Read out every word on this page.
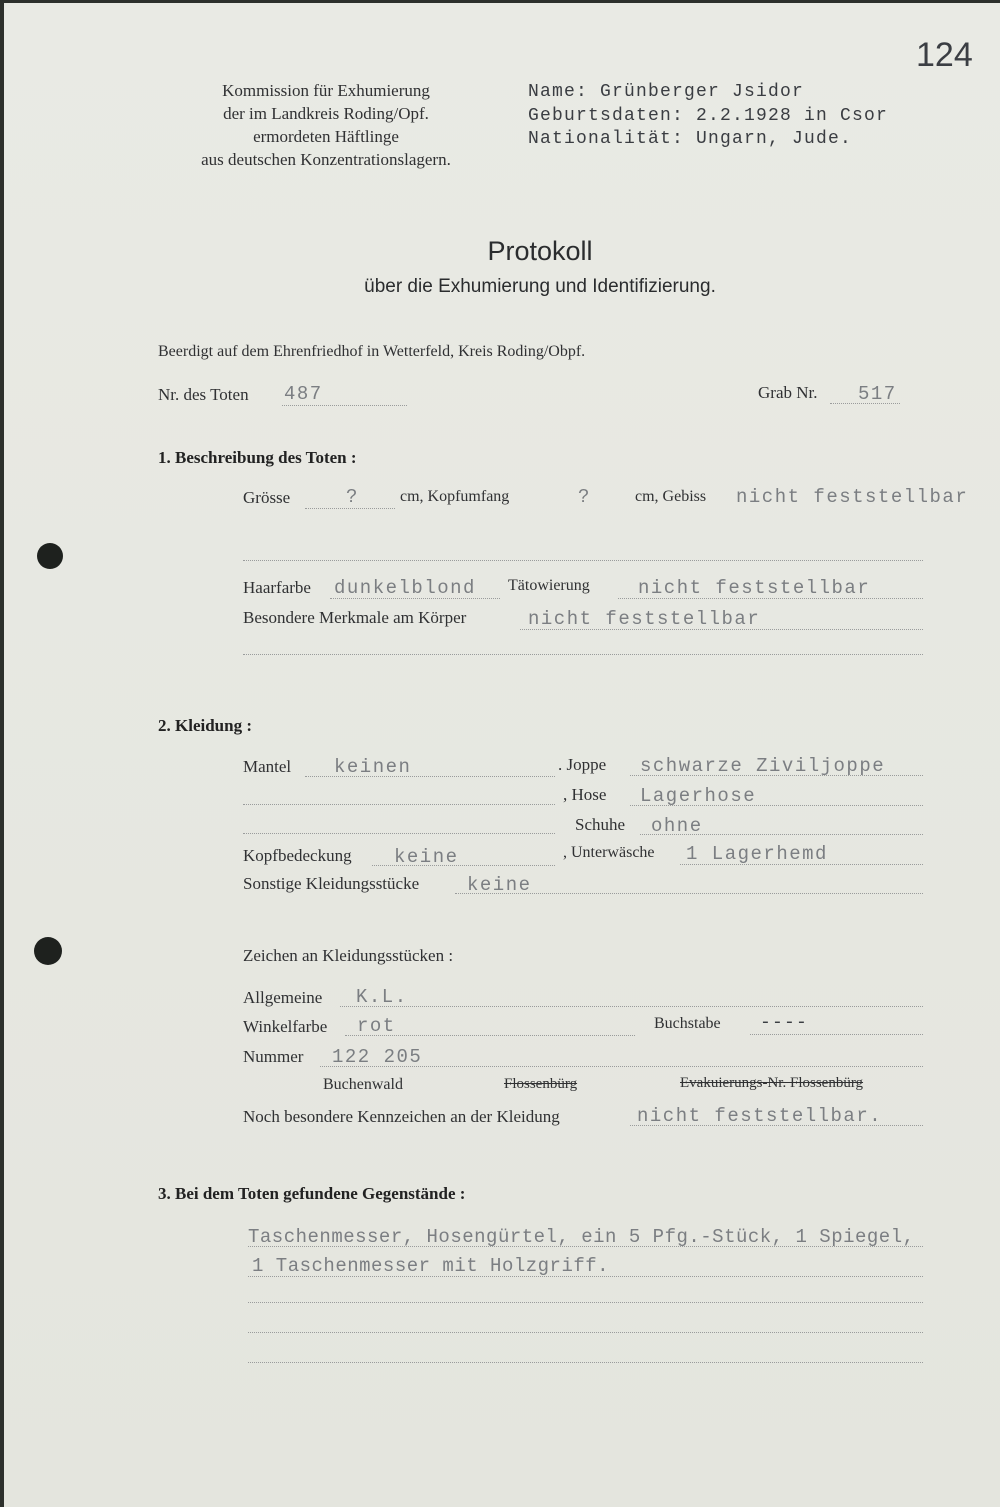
124
Kommission für Exhumierung
der im Landkreis Roding/Opf.
ermordeten Häftlinge
aus deutschen Konzentrationslagern.
Name: Grünberger Jsidor
Geburtsdaten: 2.2.1928 in Csor
Nationalität: Ungarn, Jude.
Protokoll
über die Exhumierung und Identifizierung.
Beerdigt auf dem Ehrenfriedhof in Wetterfeld, Kreis Roding/Obpf.
Nr. des Toten 487	Grab Nr. 517
1. Beschreibung des Toten :
Grösse	?	cm, Kopfumfang	?	cm, Gebiss nicht feststellbar
Haarfarbe dunkelblond Tätowierung	nicht feststellbar
Besondere Merkmale am Körper	nicht feststellbar
2. Kleidung :
Mantel keinen	. Joppe schwarze Ziviljoppe
, Hose Lagerhose
Schuhe ohne
Kopfbedeckung keine	, Unterwäsche 1 Lagerhemd
Sonstige Kleidungsstücke	keine
Zeichen an Kleidungsstücken :
Allgemeine K.L.
Winkelfarbe rot	Buchstabe ----
Nummer 122 205
Buchenwald	Flossenbürg	Evakuierungs-Nr. Flossenbürg
Noch besondere Kennzeichen an der Kleidung	nicht feststellbar.
3. Bei dem Toten gefundene Gegenstände :
Taschenmesser, Hosengürtel, ein 5 Pfg.-Stück, 1 Spiegel,
1 Taschenmesser mit Holzgriff.
